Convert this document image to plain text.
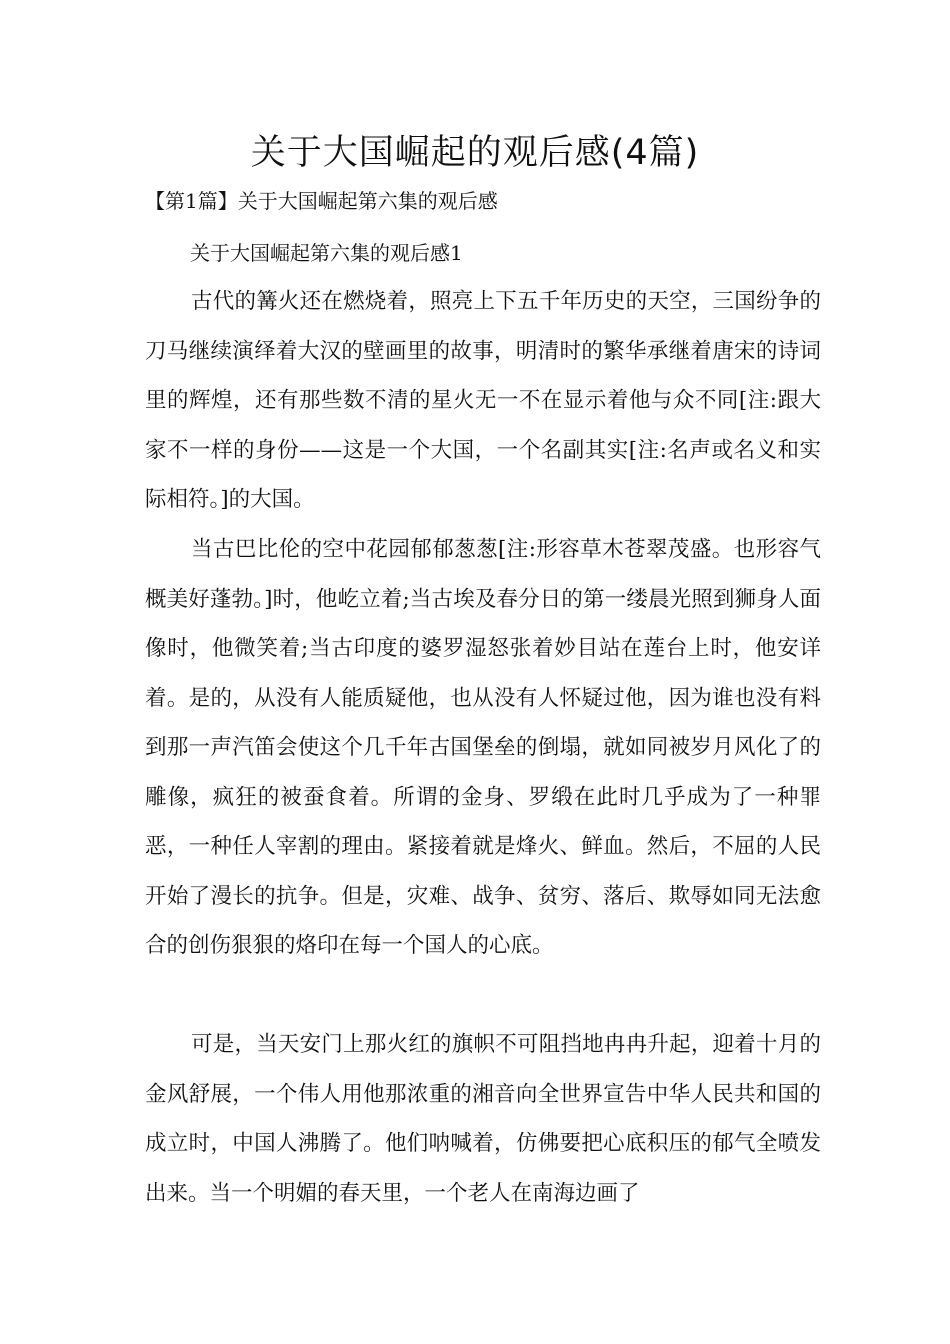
关于大国崛起的观后感(4篇)
【第1篇】关于大国崛起第六集的观后感

关于大国崛起第六集的观后感1

古代的篝火还在燃烧着，照亮上下五千年历史的天空，三国纷争的刀马继续演绎着大汉的壁画里的故事，明清时的繁华承继着唐宋的诗词里的辉煌，还有那些数不清的星火无一不在显示着他与众不同[注:跟大家不一样的身份——这是一个大国，一个名副其实[注:名声或名义和实际相符。]的大国。

当古巴比伦的空中花园郁郁葱葱[注:形容草木苍翠茂盛。也形容气概美好蓬勃。]时，他屹立着;当古埃及春分日的第一缕晨光照到狮身人面像时，他微笑着;当古印度的婆罗湿怒张着妙目站在莲台上时，他安详着。是的，从没有人能质疑他，也从没有人怀疑过他，因为谁也没有料到那一声汽笛会使这个几千年古国堡垒的倒塌，就如同被岁月风化了的雕像，疯狂的被蚕食着。所谓的金身、罗缎在此时几乎成为了一种罪恶，一种任人宰割的理由。紧接着就是烽火、鲜血。然后，不屈的人民开始了漫长的抗争。但是，灾难、战争、贫穷、落后、欺辱如同无法愈合的创伤狠狠的烙印在每一个国人的心底。

可是，当天安门上那火红的旗帜不可阻挡地冉冉升起，迎着十月的金风舒展，一个伟人用他那浓重的湘音向全世界宣告中华人民共和国的成立时，中国人沸腾了。他们呐喊着，仿佛要把心底积压的郁气全喷发出来。当一个明媚的春天里，一个老人在南海边画了
